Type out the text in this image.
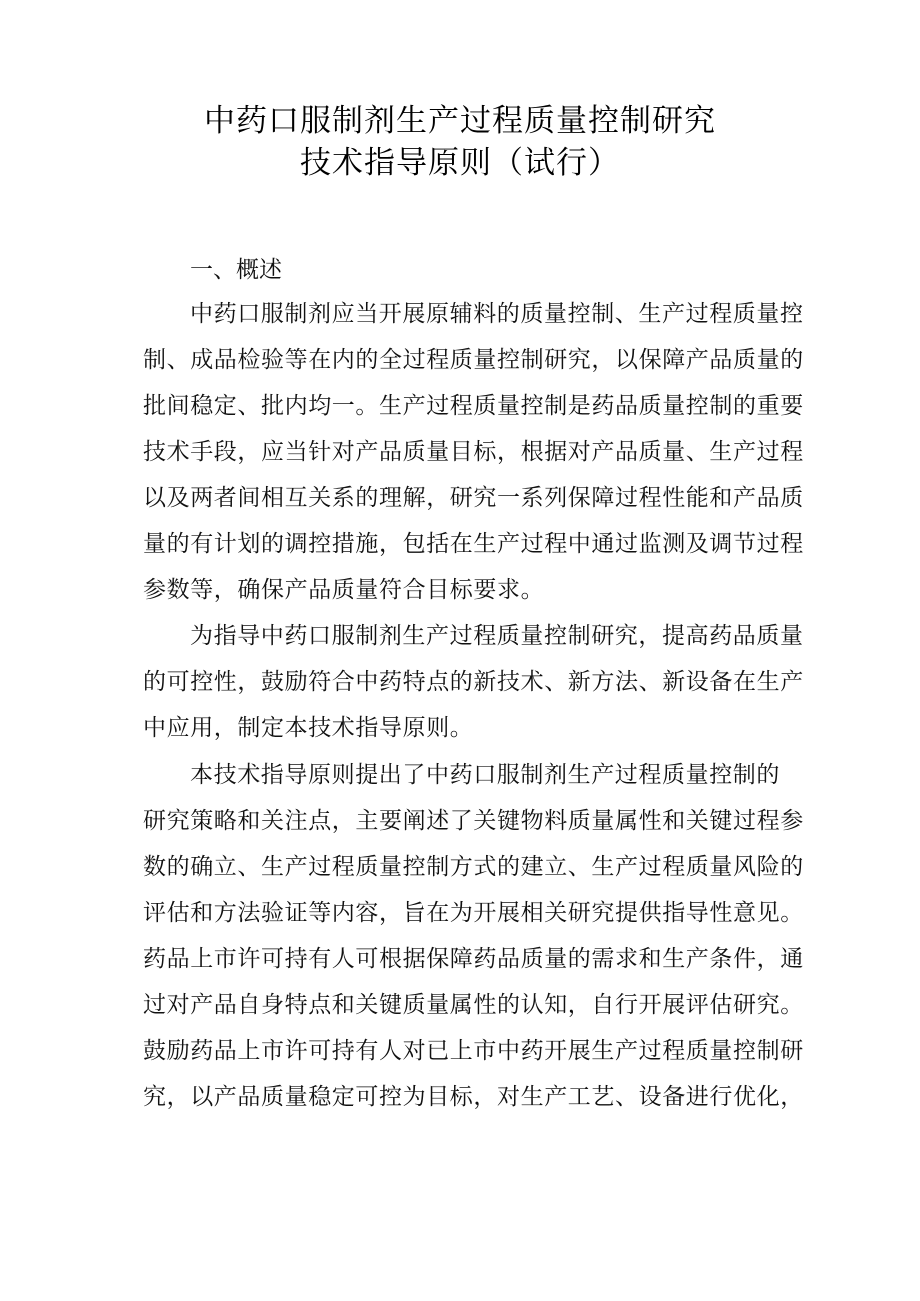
中药口服制剂生产过程质量控制研究
技术指导原则（试行）
一、概述
中药口服制剂应当开展原辅料的质量控制、生产过程质量控
制、成品检验等在内的全过程质量控制研究，以保障产品质量的
批间稳定、批内均一。生产过程质量控制是药品质量控制的重要
技术手段，应当针对产品质量目标，根据对产品质量、生产过程
以及两者间相互关系的理解，研究一系列保障过程性能和产品质
量的有计划的调控措施，包括在生产过程中通过监测及调节过程
参数等，确保产品质量符合目标要求。
为指导中药口服制剂生产过程质量控制研究，提高药品质量
的可控性，鼓励符合中药特点的新技术、新方法、新设备在生产
中应用，制定本技术指导原则。
本技术指导原则提出了中药口服制剂生产过程质量控制的
研究策略和关注点，主要阐述了关键物料质量属性和关键过程参
数的确立、生产过程质量控制方式的建立、生产过程质量风险的
评估和方法验证等内容，旨在为开展相关研究提供指导性意见。
药品上市许可持有人可根据保障药品质量的需求和生产条件，通
过对产品自身特点和关键质量属性的认知，自行开展评估研究。
鼓励药品上市许可持有人对已上市中药开展生产过程质量控制研
究，以产品质量稳定可控为目标，对生产工艺、设备进行优化，
